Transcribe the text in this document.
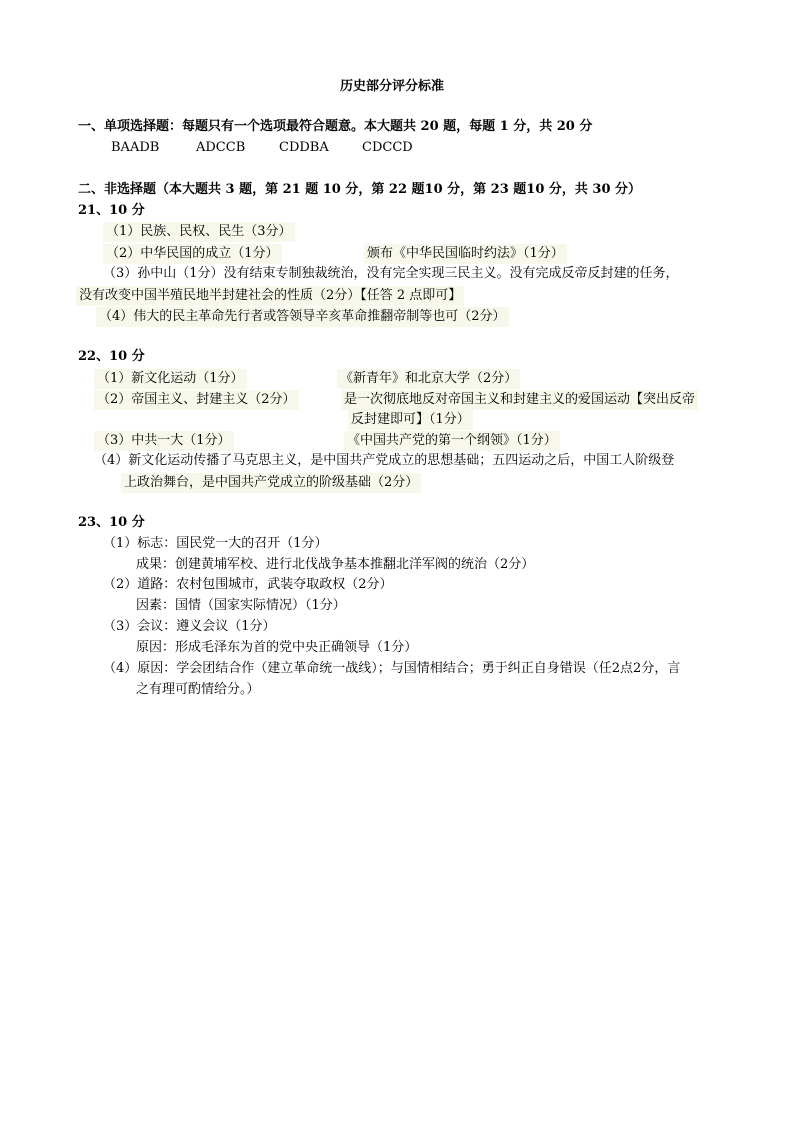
历史部分评分标准
一、单项选择题：每题只有一个选项最符合题意。本大题共 20 题，每题 1 分，共 20 分
BAADB	ADCCB	CDDBA	CDCCD
二、非选择题（本大题共 3 题，第 21 题 10 分，第 22 题10 分，第 23 题10 分，共 30 分）
21、10 分
（1）民族、民权、民生（3分）
（2）中华民国的成立（1分）	颁布《中华民国临时约法》（1分）
（3）孙中山（1分）没有结束专制独裁统治，没有完全实现三民主义。没有完成反帝反封建的任务，
没有改变中国半殖民地半封建社会的性质（2分）【任答 2 点即可】
（4）伟大的民主革命先行者或答领导辛亥革命推翻帝制等也可（2分）
22、10 分
（1）新文化运动（1分）	《新青年》和北京大学（2分）
（2）帝国主义、封建主义（2分）	是一次彻底地反对帝国主义和封建主义的爱国运动【突出反帝
反封建即可】（1分）
（3）中共一大（1分）	《中国共产党的第一个纲领》（1分）
（4）新文化运动传播了马克思主义，是中国共产党成立的思想基础；五四运动之后，中国工人阶级登
上政治舞台，是中国共产党成立的阶级基础（2分）
23、10 分
（1）标志：国民党一大的召开（1分）
成果：创建黄埔军校、进行北伐战争基本推翻北洋军阀的统治（2分）
（2）道路：农村包围城市，武装夺取政权（2分）
因素：国情（国家实际情况）（1分）
（3）会议：遵义会议（1分）
原因：形成毛泽东为首的党中央正确领导（1分）
（4）原因：学会团结合作（建立革命统一战线）；与国情相结合；勇于纠正自身错误（任2点2分，言
之有理可酌情给分。）
